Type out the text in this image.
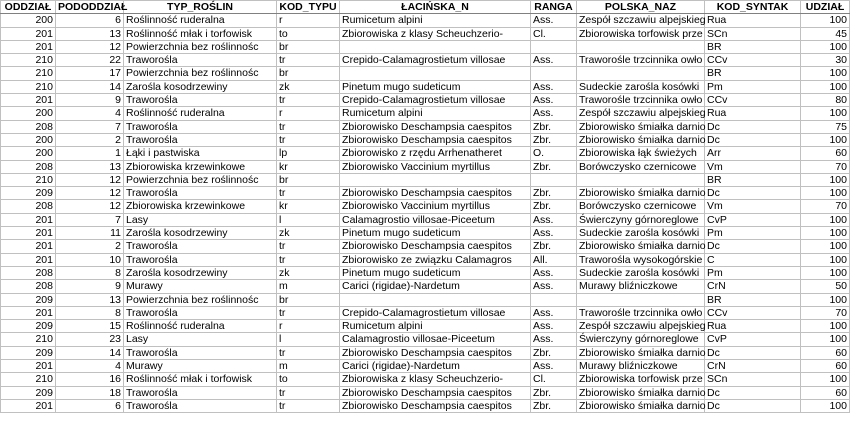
ODDZIAŁ	PODODDZIAŁ	TYP_ROŚLIN	KOD_TYPU	ŁACIŃSKA_N	RANGA	POLSKA_NAZ	KOD_SYNTAK	UDZIAŁ
200	6	Roślinność ruderalna	r	Rumicetum alpini	Ass.	Zespół szczawiu alpejskieg	Rua	100
201	13	Roślinność młak i torfowisk	to	Zbiorowiska z klasy Scheuchzerio-	Cl.	Zbiorowiska torfowisk prze	SCn	45
201	12	Powierzchnia bez roślinnośc	br				BR	100
210	22	Traworośla	tr	Crepido-Calamagrostietum villosae	Ass.	Traworośle trzcinnika owło	CCv	30
210	17	Powierzchnia bez roślinnośc	br				BR	100
210	14	Zarośla kosodrzewiny	zk	Pinetum mugo sudeticum	Ass.	Sudeckie zarośla kosówki	Pm	100
201	9	Traworośla	tr	Crepido-Calamagrostietum villosae	Ass.	Traworośle trzcinnika owło	CCv	80
200	4	Roślinność ruderalna	r	Rumicetum alpini	Ass.	Zespół szczawiu alpejskieg	Rua	100
208	7	Traworośla	tr	Zbiorowisko Deschampsia caespitos	Zbr.	Zbiorowisko śmiałka darnio	Dc	75
200	2	Traworośla	tr	Zbiorowisko Deschampsia caespitos	Zbr.	Zbiorowisko śmiałka darnio	Dc	100
200	1	Łąki i pastwiska	lp	Zbiorowisko z rzędu Arrhenatheret	O.	Zbiorowiska łąk świeżych	Arr	60
208	13	Zbiorowiska krzewinkowe	kr	Zbiorowisko Vaccinium myrtillus	Zbr.	Borówczysko czernicowe	Vm	70
210	12	Powierzchnia bez roślinnośc	br				BR	100
209	12	Traworośla	tr	Zbiorowisko Deschampsia caespitos	Zbr.	Zbiorowisko śmiałka darnio	Dc	100
208	12	Zbiorowiska krzewinkowe	kr	Zbiorowisko Vaccinium myrtillus	Zbr.	Borówczysko czernicowe	Vm	70
201	7	Lasy	l	Calamagrostio villosae-Piceetum	Ass.	Świerczyny górnoreglowe	CvP	100
201	11	Zarośla kosodrzewiny	zk	Pinetum mugo sudeticum	Ass.	Sudeckie zarośla kosówki	Pm	100
201	2	Traworośla	tr	Zbiorowisko Deschampsia caespitos	Zbr.	Zbiorowisko śmiałka darnio	Dc	100
201	10	Traworośla	tr	Zbiorowisko ze związku Calamagros	All.	Traworośla wysokogórskie	C	100
208	8	Zarośla kosodrzewiny	zk	Pinetum mugo sudeticum	Ass.	Sudeckie zarośla kosówki	Pm	100
208	9	Murawy	m	Carici (rigidae)-Nardetum	Ass.	Murawy bliźniczkowe	CrN	50
209	13	Powierzchnia bez roślinnośc	br				BR	100
201	8	Traworośla	tr	Crepido-Calamagrostietum villosae	Ass.	Traworośle trzcinnika owło	CCv	70
209	15	Roślinność ruderalna	r	Rumicetum alpini	Ass.	Zespół szczawiu alpejskieg	Rua	100
210	23	Lasy	l	Calamagrostio villosae-Piceetum	Ass.	Świerczyny górnoreglowe	CvP	100
209	14	Traworośla	tr	Zbiorowisko Deschampsia caespitos	Zbr.	Zbiorowisko śmiałka darnio	Dc	60
201	4	Murawy	m	Carici (rigidae)-Nardetum	Ass.	Murawy bliźniczkowe	CrN	60
210	16	Roślinność młak i torfowisk	to	Zbiorowiska z klasy Scheuchzerio-	Cl.	Zbiorowiska torfowisk prze	SCn	100
209	18	Traworośla	tr	Zbiorowisko Deschampsia caespitos	Zbr.	Zbiorowisko śmiałka darnio	Dc	60
201	6	Traworośla	tr	Zbiorowisko Deschampsia caespitos	Zbr.	Zbiorowisko śmiałka darnio	Dc	100
